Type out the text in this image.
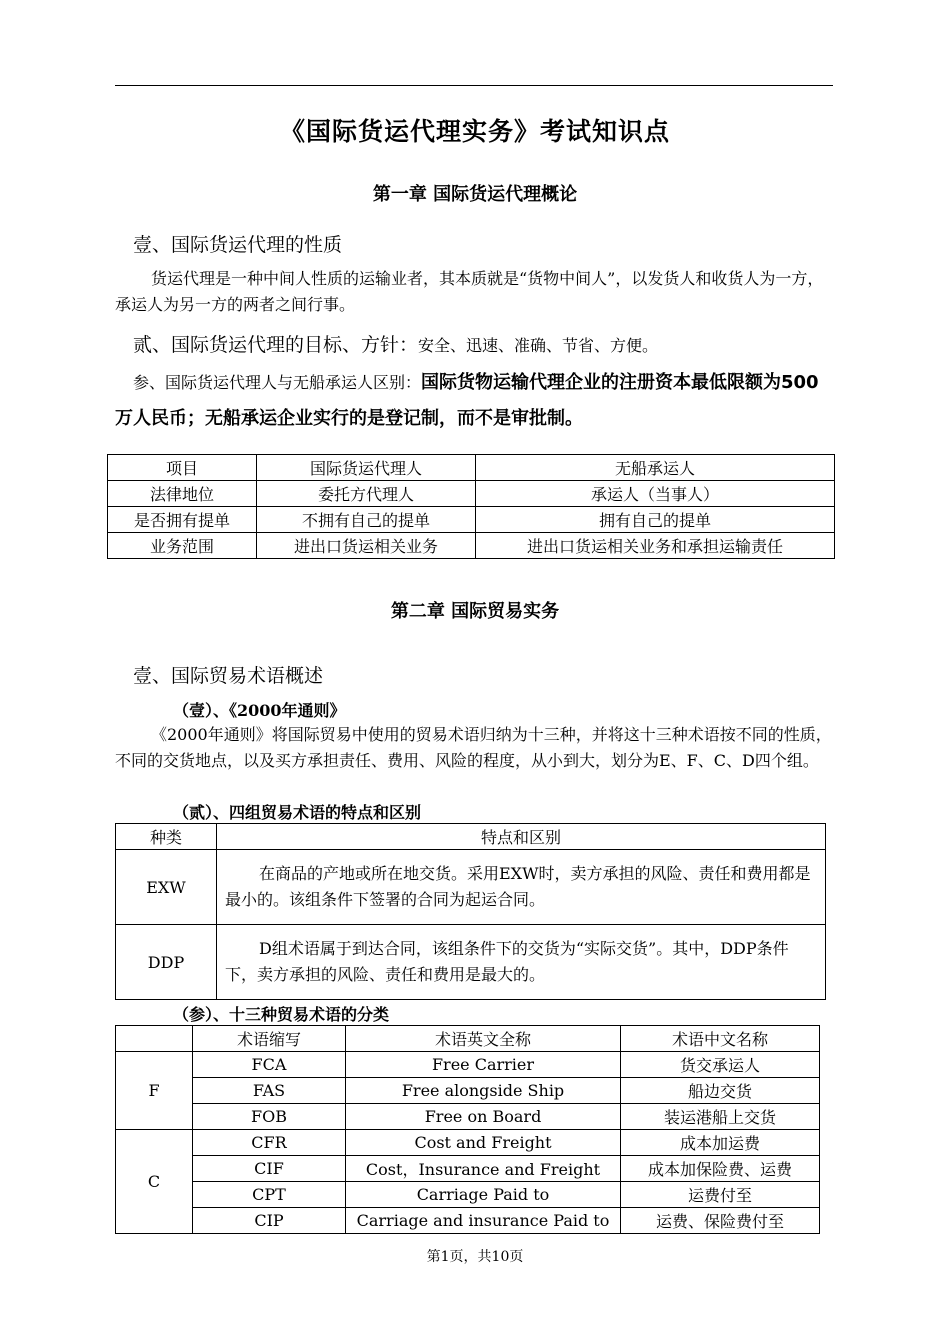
《国际货运代理实务》考试知识点
第一章 国际货运代理概论
壹、国际货运代理的性质
货运代理是一种中间人性质的运输业者，其本质就是“货物中间人”，以发货人和收货人为一方，承运人为另一方的两者之间行事。
贰、国际货运代理的目标、方针：安全、迅速、准确、节省、方便。
参、国际货运代理人与无船承运人区别：国际货物运输代理企业的注册资本最低限额为500万人民币；无船承运企业实行的是登记制，而不是审批制。
项目	国际货运代理人	无船承运人
法律地位	委托方代理人	承运人（当事人）
是否拥有提单	不拥有自己的提单	拥有自己的提单
业务范围	进出口货运相关业务	进出口货运相关业务和承担运输责任
第二章 国际贸易实务
壹、国际贸易术语概述
（壹）、《2000年通则》
《2000年通则》将国际贸易中使用的贸易术语归纳为十三种，并将这十三种术语按不同的性质，不同的交货地点，以及买方承担责任、费用、风险的程度，从小到大，划分为E、F、C、D四个组。
（贰）、四组贸易术语的特点和区别
种类	特点和区别
EXW	在商品的产地或所在地交货。采用EXW时，卖方承担的风险、责任和费用都是最小的。该组条件下签署的合同为起运合同。
DDP	D组术语属于到达合同，该组条件下的交货为“实际交货”。其中，DDP条件下，卖方承担的风险、责任和费用是最大的。
（参）、十三种贸易术语的分类
	术语缩写	术语英文全称	术语中文名称
F	FCA	Free Carrier	货交承运人
	FAS	Free alongside Ship	船边交货
	FOB	Free on Board	装运港船上交货
C	CFR	Cost and Freight	成本加运费
	CIF	Cost，Insurance and Freight	成本加保险费、运费
	CPT	Carriage Paid to	运费付至
	CIP	Carriage and insurance Paid to	运费、保险费付至
第1页，共10页
